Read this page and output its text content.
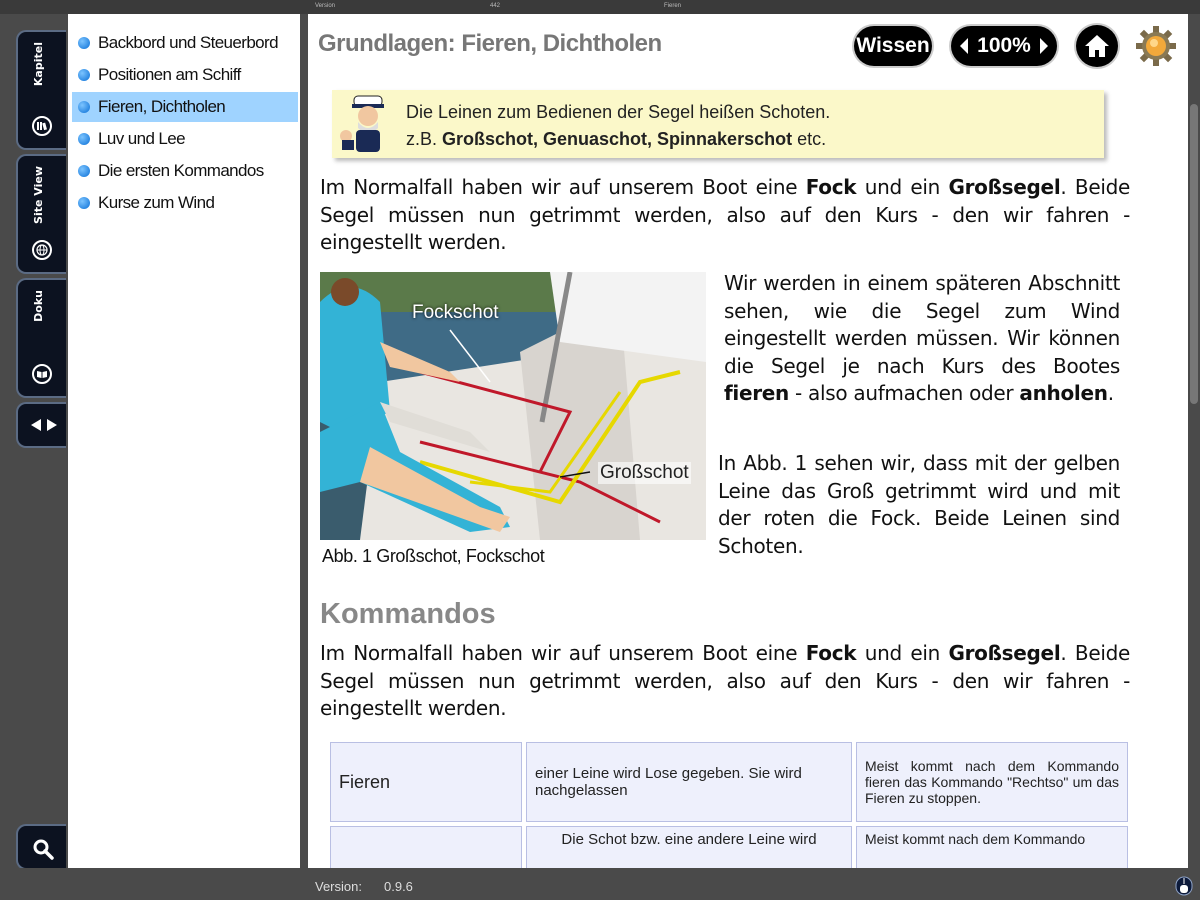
Version	442	Fieren
Kapitel
Site View
Doku
Backbord und Steuerbord
Positionen am Schiff
Fieren, Dichtholen
Luv und Lee
Die ersten Kommandos
Kurse zum Wind
Grundlagen: Fieren, Dichtholen	Wissen	100%
Die Leinen zum Bedienen der Segel heißen Schoten.
z.B. Großschot, Genuaschot, Spinnakerschot etc.
Im Normalfall haben wir auf unserem Boot eine Fock und ein Großsegel. Beide Segel müssen nun getrimmt werden, also auf den Kurs - den wir fahren - eingestellt werden.
Fockschot
Großschot
Abb. 1 Großschot, Fockschot
Wir werden in einem späteren Abschnitt sehen, wie die Segel zum Wind eingestellt werden müssen. Wir können die Segel je nach Kurs des Bootes fieren - also aufmachen oder anholen.
In Abb. 1 sehen wir, dass mit der gelben Leine das Groß getrimmt wird und mit der roten die Fock. Beide Leinen sind Schoten.
Kommandos
Im Normalfall haben wir auf unserem Boot eine Fock und ein Großsegel. Beide Segel müssen nun getrimmt werden, also auf den Kurs - den wir fahren - eingestellt werden.
Fieren	einer Leine wird Lose gegeben. Sie wird nachgelassen	Meist kommt nach dem Kommando fieren das Kommando "Rechtso" um das Fieren zu stoppen.
	Die Schot bzw. eine andere Leine wird	Meist kommt nach dem Kommando
Version: 0.9.6
